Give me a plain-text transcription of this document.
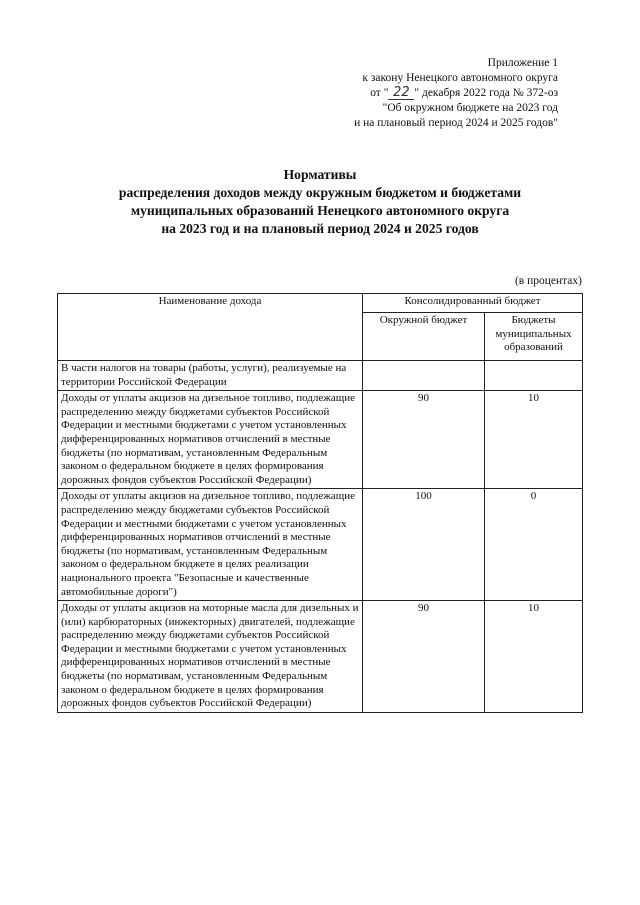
Приложение 1
к закону Ненецкого автономного округа
от " 22 " декабря 2022 года № 372-оз
"Об окружном бюджете на 2023 год
и на плановый период 2024 и 2025 годов"
Нормативы
распределения доходов между окружным бюджетом и бюджетами
муниципальных образований Ненецкого автономного округа
на 2023 год и на плановый период 2024 и 2025 годов
(в процентах)
Наименование дохода	Консолидированный бюджет	
	Окружной бюджет	Бюджеты муниципальных образований
В части налогов на товары (работы, услуги), реализуемые на территории Российской Федерации		
Доходы от уплаты акцизов на дизельное топливо, подлежащие распределению между бюджетами субъектов Российской Федерации и местными бюджетами с учетом установленных дифференцированных нормативов отчислений в местные бюджеты (по нормативам, установленным Федеральным законом о федеральном бюджете в целях формирования дорожных фондов субъектов Российской Федерации)	90	10
Доходы от уплаты акцизов на дизельное топливо, подлежащие распределению между бюджетами субъектов Российской Федерации и местными бюджетами с учетом установленных дифференцированных нормативов отчислений в местные бюджеты (по нормативам, установленным Федеральным законом о федеральном бюджете в целях реализации национального проекта "Безопасные и качественные автомобильные дороги")	100	0
Доходы от уплаты акцизов на моторные масла для дизельных и (или) карбюраторных (инжекторных) двигателей, подлежащие распределению между бюджетами субъектов Российской Федерации и местными бюджетами с учетом установленных дифференцированных нормативов отчислений в местные бюджеты (по нормативам, установленным Федеральным законом о федеральном бюджете в целях формирования дорожных фондов субъектов Российской Федерации)	90	10
